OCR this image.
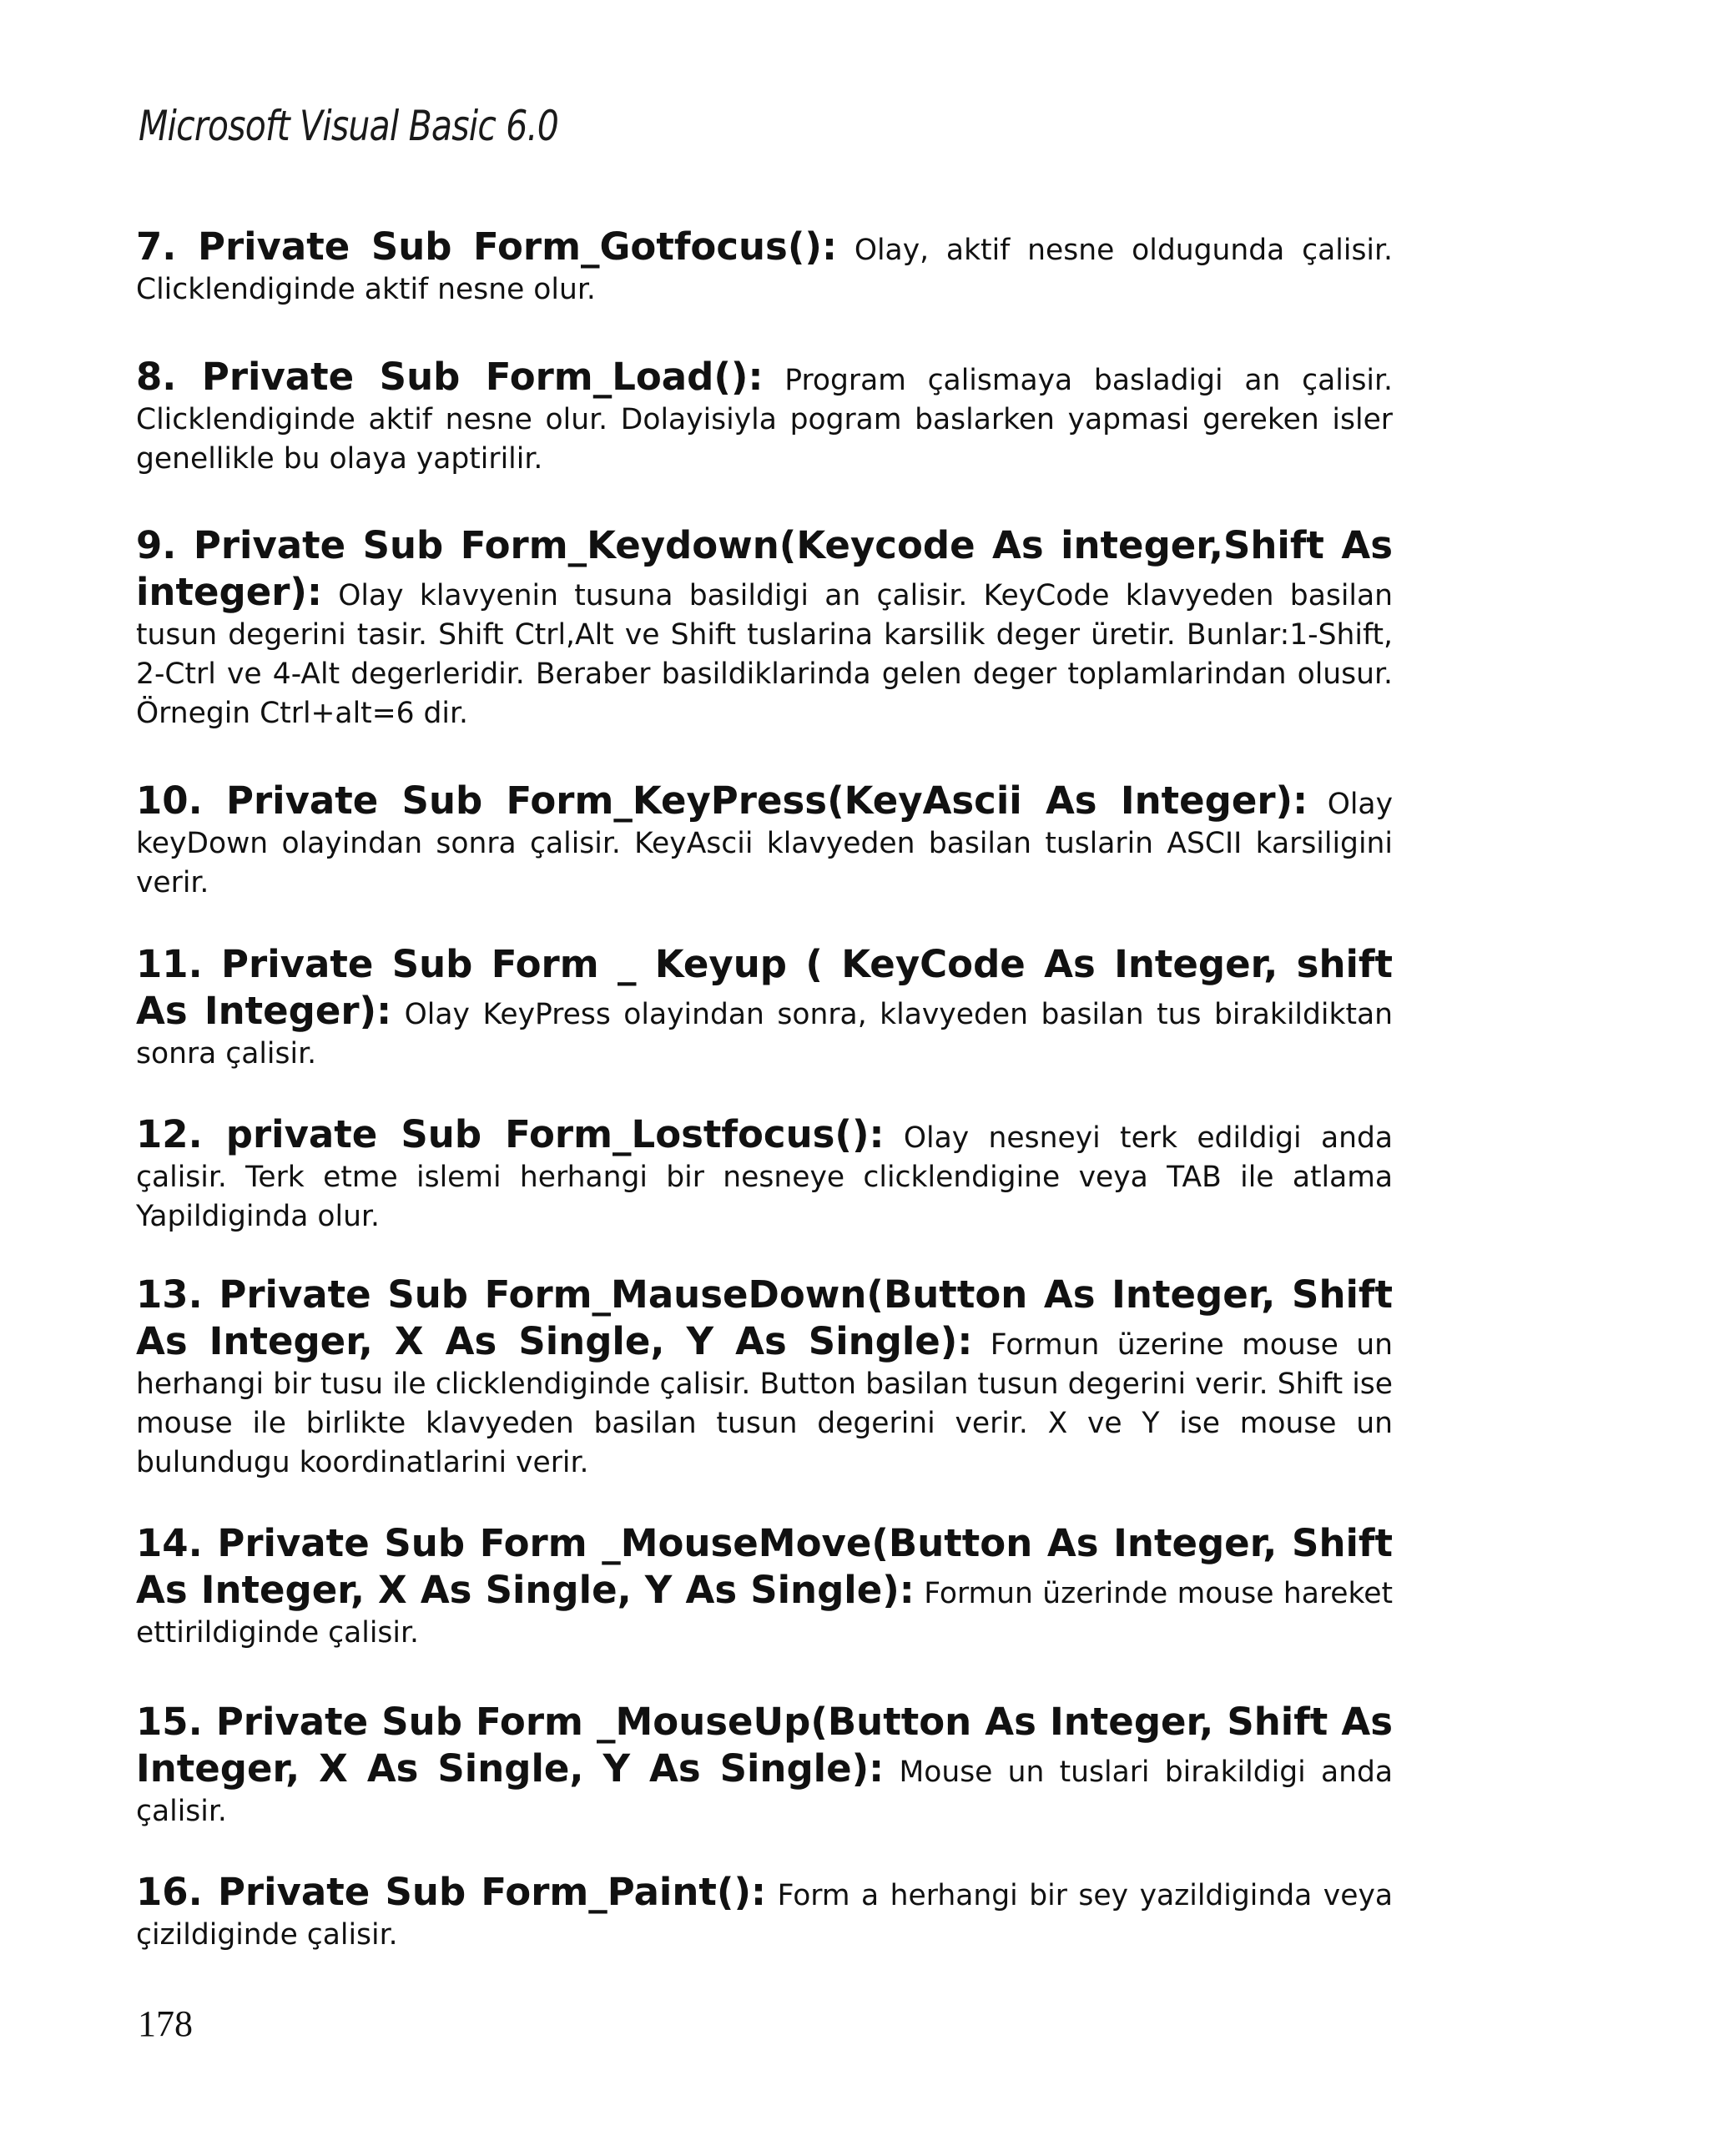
Microsoft Visual Basic 6.0

7. Private Sub Form_Gotfocus(): Olay, aktif nesne oldugunda çalisir. Clicklendiginde aktif nesne olur.

8. Private Sub Form_Load(): Program çalismaya basladigi an çalisir. Clicklendiginde aktif nesne olur. Dolayisiyla pogram baslarken yapmasi gereken isler genellikle bu olaya yaptirilir.

9. Private Sub Form_Keydown(Keycode As integer,Shift As integer): Olay klavyenin tusuna basildigi an çalisir. KeyCode klavyeden basilan tusun degerini tasir. Shift Ctrl,Alt ve Shift tuslarina karsilik deger üretir. Bunlar:1-Shift, 2-Ctrl ve 4-Alt degerleridir. Beraber basildiklarinda gelen deger toplamlarindan olusur. Örnegin Ctrl+alt=6 dir.

10. Private Sub Form_KeyPress(KeyAscii As Integer): Olay keyDown olayindan sonra çalisir. KeyAscii klavyeden basilan tuslarin ASCII karsiligini verir.

11. Private Sub Form _ Keyup ( KeyCode As Integer, shift As Integer): Olay KeyPress olayindan sonra, klavyeden basilan tus birakildiktan sonra çalisir.

12. private Sub Form_Lostfocus(): Olay nesneyi terk edildigi anda çalisir. Terk etme islemi herhangi bir nesneye clicklendigine veya TAB ile atlama Yapildiginda olur.

13. Private Sub Form_MauseDown(Button As Integer, Shift As Integer, X As Single, Y As Single): Formun üzerine mouse un herhangi bir tusu ile clicklendiginde çalisir. Button basilan tusun degerini verir. Shift ise mouse ile birlikte klavyeden basilan tusun degerini verir. X ve Y ise mouse un bulundugu koordinatlarini verir.

14. Private Sub Form _MouseMove(Button As Integer, Shift As Integer, X As Single, Y As Single): Formun üzerinde mouse hareket ettirildiginde çalisir.

15. Private Sub Form _MouseUp(Button As Integer, Shift As Integer, X As Single, Y As Single): Mouse un tuslari birakildigi anda çalisir.

16. Private Sub Form_Paint(): Form a herhangi bir sey yazildiginda veya çizildiginde çalisir.

178
